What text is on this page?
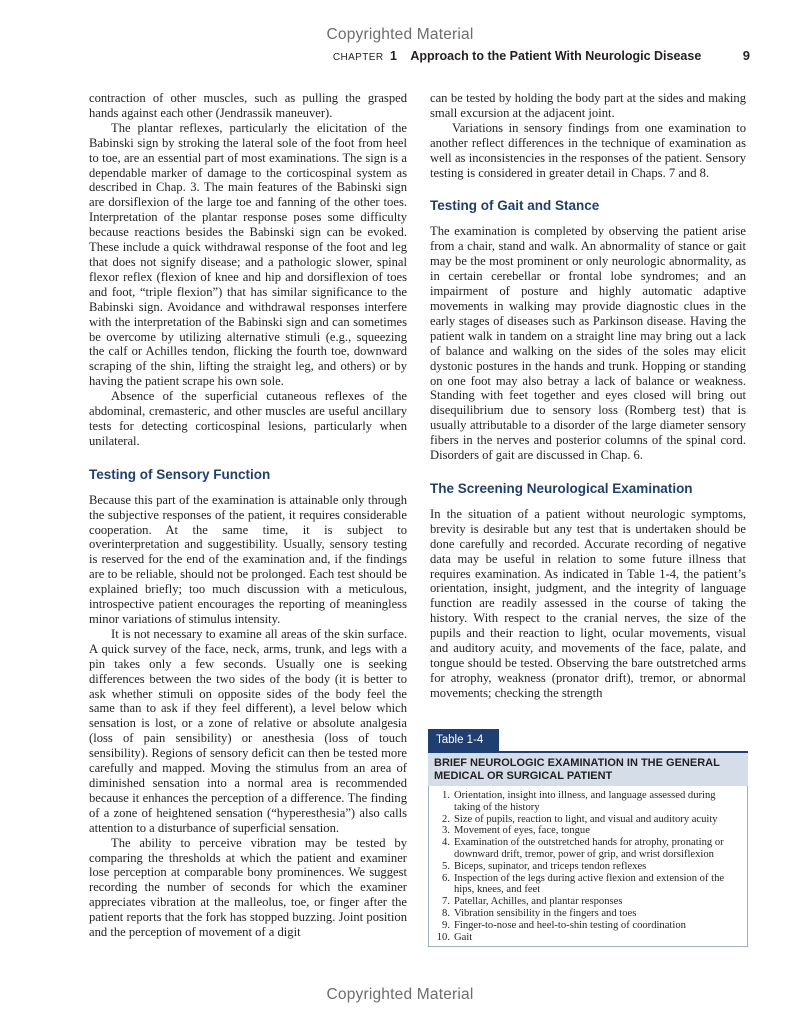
Copyrighted Material
CHAPTER 1 Approach to the Patient With Neurologic Disease	9

contraction of other muscles, such as pulling the grasped hands against each other (Jendrassik maneuver).

The plantar reflexes, particularly the elicitation of the Babinski sign by stroking the lateral sole of the foot from heel to toe, are an essential part of most examinations. The sign is a dependable marker of damage to the corticospinal system as described in Chap. 3. The main features of the Babinski sign are dorsiflexion of the large toe and fanning of the other toes. Interpretation of the plantar response poses some difficulty because reactions besides the Babinski sign can be evoked. These include a quick withdrawal response of the foot and leg that does not signify disease; and a pathologic slower, spinal flexor reflex (flexion of knee and hip and dorsiflexion of toes and foot, “triple flexion”) that has similar significance to the Babinski sign. Avoidance and withdrawal responses interfere with the interpretation of the Babinski sign and can sometimes be overcome by utilizing alternative stimuli (e.g., squeezing the calf or Achilles tendon, flicking the fourth toe, downward scraping of the shin, lifting the straight leg, and others) or by having the patient scrape his own sole.

Absence of the superficial cutaneous reflexes of the abdominal, cremasteric, and other muscles are useful ancillary tests for detecting corticospinal lesions, particularly when unilateral.

Testing of Sensory Function

Because this part of the examination is attainable only through the subjective responses of the patient, it requires considerable cooperation. At the same time, it is subject to overinterpretation and suggestibility. Usually, sensory testing is reserved for the end of the examination and, if the findings are to be reliable, should not be prolonged. Each test should be explained briefly; too much discussion with a meticulous, introspective patient encourages the reporting of meaningless minor variations of stimulus intensity.

It is not necessary to examine all areas of the skin surface. A quick survey of the face, neck, arms, trunk, and legs with a pin takes only a few seconds. Usually one is seeking differences between the two sides of the body (it is better to ask whether stimuli on opposite sides of the body feel the same than to ask if they feel different), a level below which sensation is lost, or a zone of relative or absolute analgesia (loss of pain sensibility) or anesthesia (loss of touch sensibility). Regions of sensory deficit can then be tested more carefully and mapped. Moving the stimulus from an area of diminished sensation into a normal area is recommended because it enhances the perception of a difference. The finding of a zone of heightened sensation (“hyperesthesia”) also calls attention to a disturbance of superficial sensation.

The ability to perceive vibration may be tested by comparing the thresholds at which the patient and examiner lose perception at comparable bony prominences. We suggest recording the number of seconds for which the examiner appreciates vibration at the malleolus, toe, or finger after the patient reports that the fork has stopped buzzing. Joint position and the perception of movement of a digit

can be tested by holding the body part at the sides and making small excursion at the adjacent joint.

Variations in sensory findings from one examination to another reflect differences in the technique of examination as well as inconsistencies in the responses of the patient. Sensory testing is considered in greater detail in Chaps. 7 and 8.

Testing of Gait and Stance

The examination is completed by observing the patient arise from a chair, stand and walk. An abnormality of stance or gait may be the most prominent or only neurologic abnormality, as in certain cerebellar or frontal lobe syndromes; and an impairment of posture and highly automatic adaptive movements in walking may provide diagnostic clues in the early stages of diseases such as Parkinson disease. Having the patient walk in tandem on a straight line may bring out a lack of balance and walking on the sides of the soles may elicit dystonic postures in the hands and trunk. Hopping or standing on one foot may also betray a lack of balance or weakness. Standing with feet together and eyes closed will bring out disequilibrium due to sensory loss (Romberg test) that is usually attributable to a disorder of the large diameter sensory fibers in the nerves and posterior columns of the spinal cord. Disorders of gait are discussed in Chap. 6.

The Screening Neurological Examination

In the situation of a patient without neurologic symptoms, brevity is desirable but any test that is undertaken should be done carefully and recorded. Accurate recording of negative data may be useful in relation to some future illness that requires examination. As indicated in Table 1-4, the patient’s orientation, insight, judgment, and the integrity of language function are readily assessed in the course of taking the history. With respect to the cranial nerves, the size of the pupils and their reaction to light, ocular movements, visual and auditory acuity, and movements of the face, palate, and tongue should be tested. Observing the bare outstretched arms for atrophy, weakness (pronator drift), tremor, or abnormal movements; checking the strength

Table 1-4
BRIEF NEUROLOGIC EXAMINATION IN THE GENERAL MEDICAL OR SURGICAL PATIENT
1. Orientation, insight into illness, and language assessed during taking of the history
2. Size of pupils, reaction to light, and visual and auditory acuity
3. Movement of eyes, face, tongue
4. Examination of the outstretched hands for atrophy, pronating or downward drift, tremor, power of grip, and wrist dorsiflexion
5. Biceps, supinator, and triceps tendon reflexes
6. Inspection of the legs during active flexion and extension of the hips, knees, and feet
7. Patellar, Achilles, and plantar responses
8. Vibration sensibility in the fingers and toes
9. Finger-to-nose and heel-to-shin testing of coordination
10. Gait
Copyrighted Material
